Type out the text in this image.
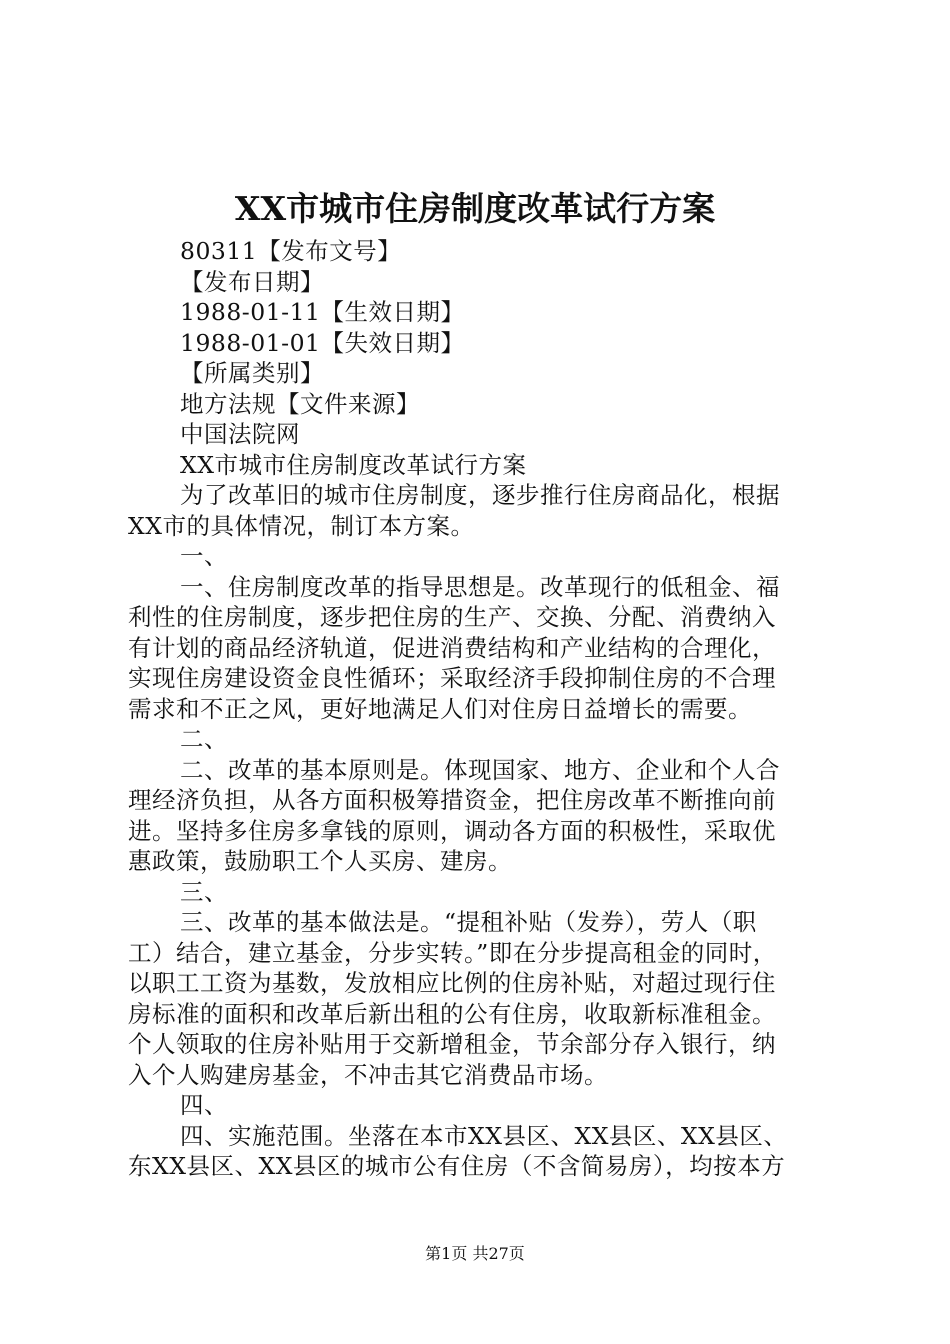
XX市城市住房制度改革试行方案
80311【发布文号】
【发布日期】
1988-01-11【生效日期】
1988-01-01【失效日期】
【所属类别】
地方法规【文件来源】
中国法院网
XX市城市住房制度改革试行方案
为了改革旧的城市住房制度，逐步推行住房商品化，根据
XX市的具体情况，制订本方案。
一、
一、住房制度改革的指导思想是。改革现行的低租金、福
利性的住房制度，逐步把住房的生产、交换、分配、消费纳入
有计划的商品经济轨道，促进消费结构和产业结构的合理化，
实现住房建设资金良性循环；采取经济手段抑制住房的不合理
需求和不正之风，更好地满足人们对住房日益增长的需要。
二、
二、改革的基本原则是。体现国家、地方、企业和个人合
理经济负担，从各方面积极筹措资金，把住房改革不断推向前
进。坚持多住房多拿钱的原则，调动各方面的积极性，采取优
惠政策，鼓励职工个人买房、建房。
三、
三、改革的基本做法是。“提租补贴（发券），劳人（职
工）结合，建立基金，分步实转。”即在分步提高租金的同时，
以职工工资为基数，发放相应比例的住房补贴，对超过现行住
房标准的面积和改革后新出租的公有住房，收取新标准租金。
个人领取的住房补贴用于交新增租金，节余部分存入银行，纳
入个人购建房基金，不冲击其它消费品市场。
四、
四、实施范围。坐落在本市XX县区、XX县区、XX县区、
东XX县区、XX县区的城市公有住房（不含简易房），均按本方
第1页 共27页
